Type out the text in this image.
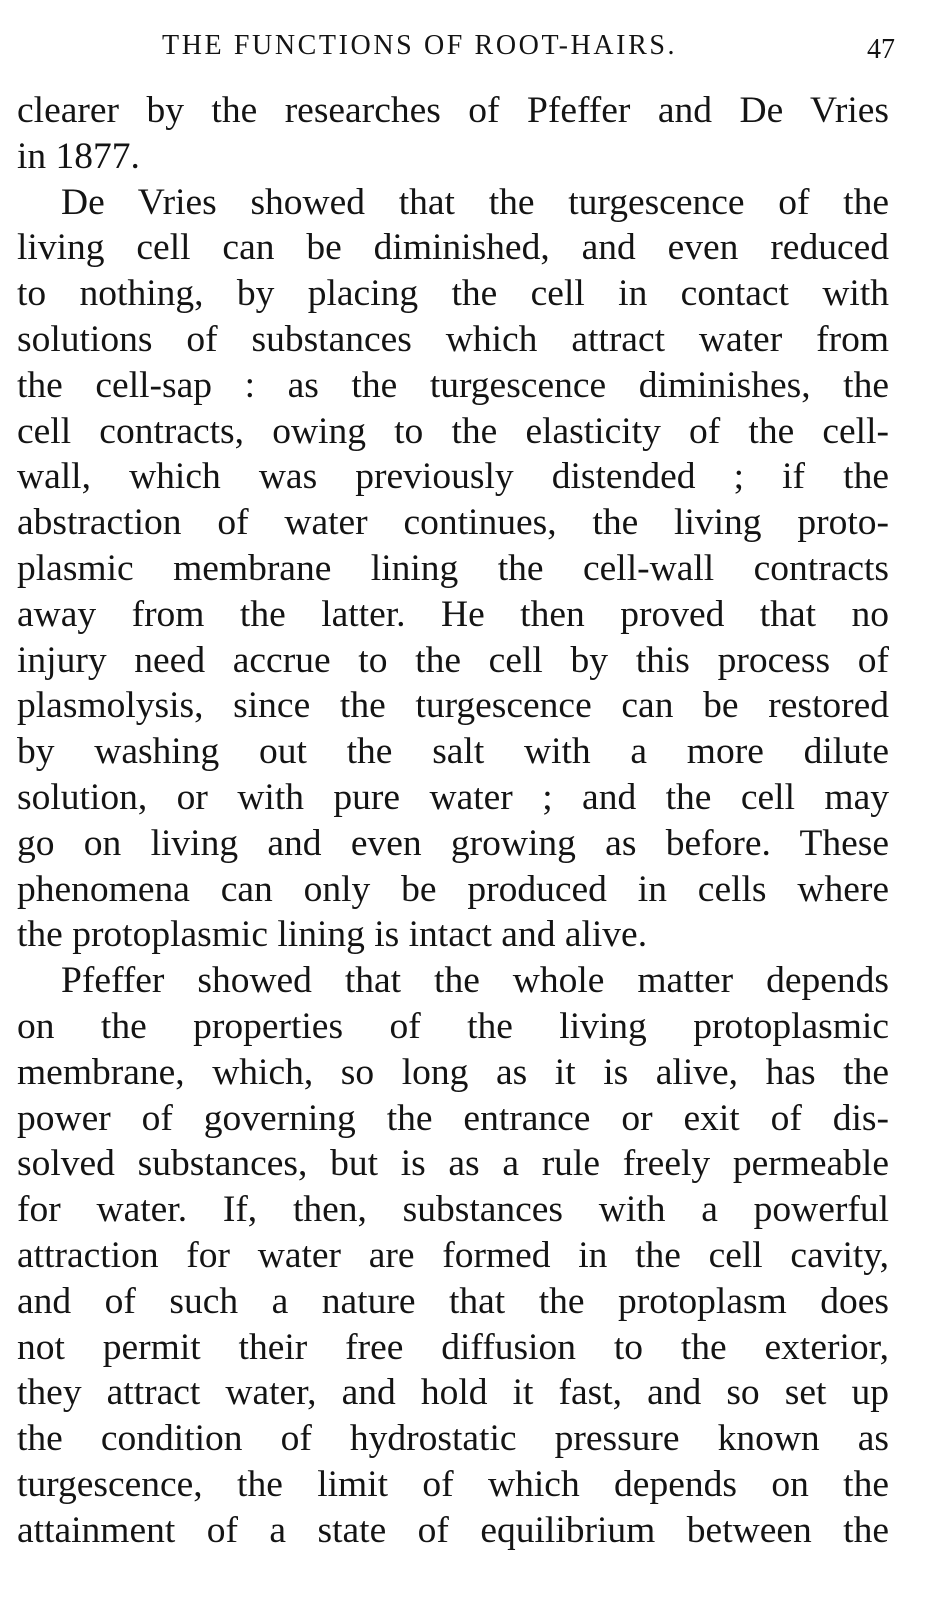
THE FUNCTIONS OF ROOT-HAIRS.	47
clearer by the researches of Pfeffer and De Vries
in 1877.
De Vries showed that the turgescence of the
living cell can be diminished, and even reduced
to nothing, by placing the cell in contact with
solutions of substances which attract water from
the cell-sap : as the turgescence diminishes, the
cell contracts, owing to the elasticity of the cell-
wall, which was previously distended ; if the
abstraction of water continues, the living proto-
plasmic membrane lining the cell-wall contracts
away from the latter. He then proved that no
injury need accrue to the cell by this process of
plasmolysis, since the turgescence can be restored
by washing out the salt with a more dilute
solution, or with pure water ; and the cell may
go on living and even growing as before. These
phenomena can only be produced in cells where
the protoplasmic lining is intact and alive.
Pfeffer showed that the whole matter depends
on the properties of the living protoplasmic
membrane, which, so long as it is alive, has the
power of governing the entrance or exit of dis-
solved substances, but is as a rule freely permeable
for water. If, then, substances with a powerful
attraction for water are formed in the cell cavity,
and of such a nature that the protoplasm does
not permit their free diffusion to the exterior,
they attract water, and hold it fast, and so set up
the condition of hydrostatic pressure known as
turgescence, the limit of which depends on the
attainment of a state of equilibrium between the
